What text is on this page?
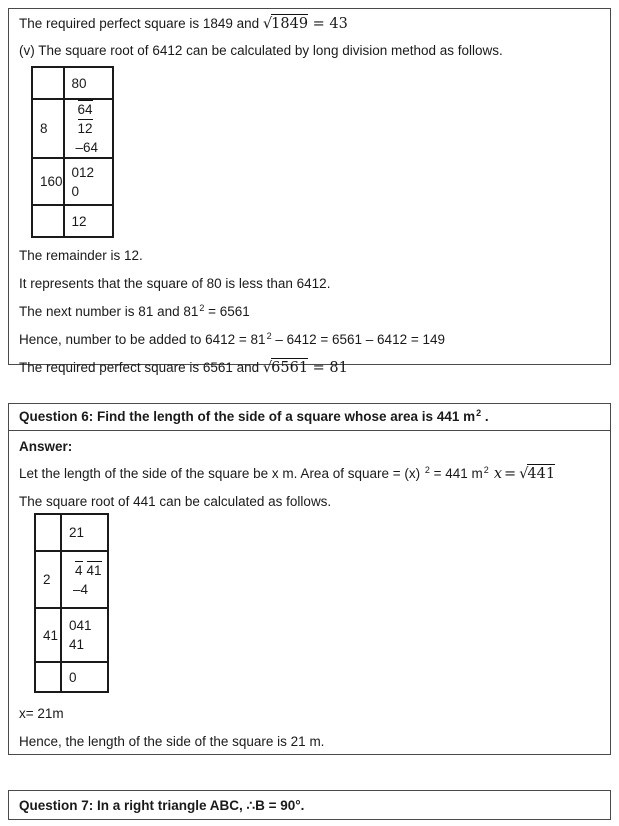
The required perfect square is 1849 and √1849 = 43
(v) The square root of 6412 can be calculated by long division method as follows.
	80
8	6412
–64

160	012
0

	12
The remainder is 12.
It represents that the square of 80 is less than 6412.
The next number is 81 and $81^2 = 6561$
Hence, number to be added to $6412 = 81^2 - 6412 = 6561 - 6412 = 149$
The required perfect square is 6561 and √6561 = 81
Question 6: Find the length of the side of a square whose area is 441 $m^2$ .
Answer:
Let the length of the side of the square be x m. Area of square = (x) $^2$ = 441 $m^2$ x = √441
The square root of 441 can be calculated as follows.
	21
2	4 41
–4

41	041
41

	0
x= 21m
Hence, the length of the side of the square is 21 m.
Question 7: In a right triangle ABC, ∴B = 90°.
